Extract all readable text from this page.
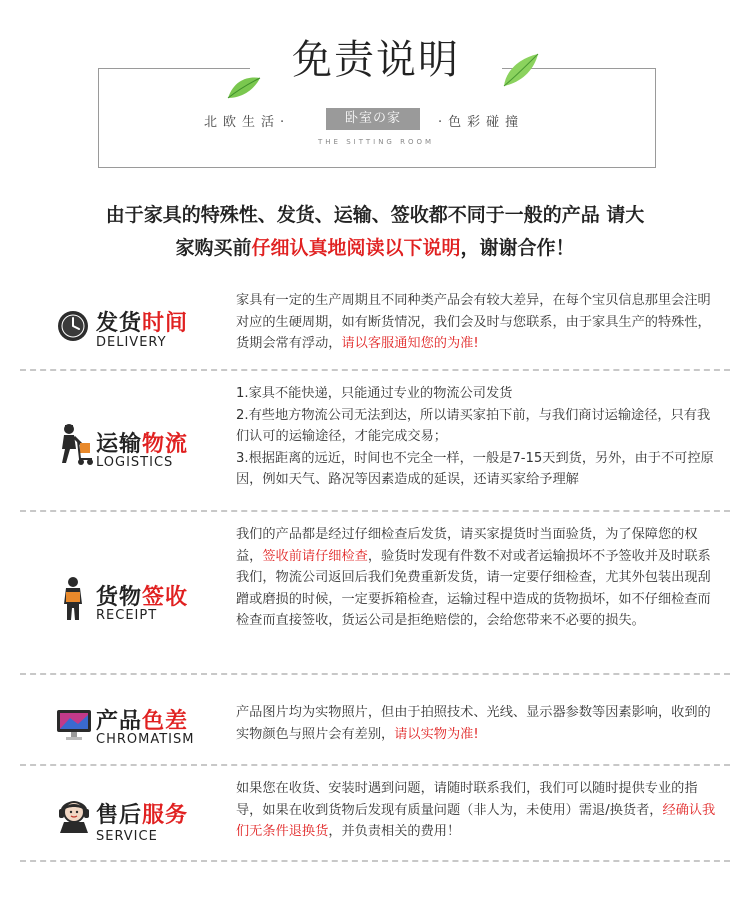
免责说明
北欧生活·	卧室の家	·色彩碰撞
THE SITTING ROOM
由于家具的特殊性、发货、运输、签收都不同于一般的产品 请大
家购买前仔细认真地阅读以下说明，谢谢合作！
发货时间
DELIVERY
家具有一定的生产周期且不同种类产品会有较大差异，在每个宝贝信息那里会注明对应的生硬周期，如有断货情况，我们会及时与您联系，由于家具生产的特殊性，货期会常有浮动，请以客服通知您的为准!
运输物流
LOGISTICS
1.家具不能快递，只能通过专业的物流公司发货
2.有些地方物流公司无法到达，所以请买家拍下前，与我们商讨运输途径，只有我们认可的运输途径，才能完成交易；
3.根据距离的远近，时间也不完全一样，一般是7-15天到货，另外，由于不可控原因，例如天气、路况等因素造成的延误，还请买家给予理解
货物签收
RECEIPT
我们的产品都是经过仔细检查后发货，请买家提货时当面验货，为了保障您的权益，签收前请仔细检查，验货时发现有件数不对或者运输损坏不予签收并及时联系我们，物流公司返回后我们免费重新发货，请一定要仔细检查，尤其外包装出现刮蹭或磨损的时候，一定要拆箱检查，运输过程中造成的货物损坏，如不仔细检查而检查而直接签收，货运公司是拒绝赔偿的，会给您带来不必要的损失。
产品色差
CHROMATISM
产品图片均为实物照片，但由于拍照技术、光线、显示器参数等因素影响，收到的实物颜色与照片会有差别，请以实物为准!
售后服务
SERVICE
如果您在收货、安装时遇到问题，请随时联系我们，我们可以随时提供专业的指导，如果在收到货物后发现有质量问题（非人为，未使用）需退/换货者，经确认我们无条件退换货，并负责相关的费用！
